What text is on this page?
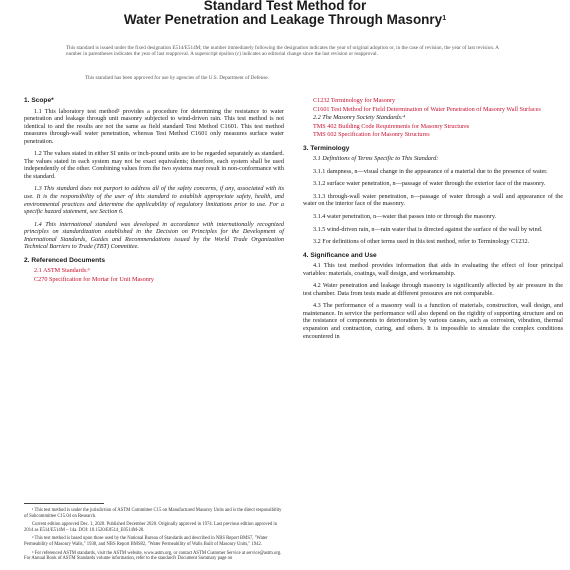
Standard Test Method for
Water Penetration and Leakage Through Masonry$^1$
This standard is issued under the fixed designation E514/E514M; the number immediately following the designation indicates the year of original adoption or, in the case of revision, the year of last revision. A number in parentheses indicates the year of last reapproval. A superscript epsilon (ε) indicates an editorial change since the last revision or reapproval.
This standard has been approved for use by agencies of the U.S. Department of Defense.
1. Scope*
1.1 This laboratory test method² provides a procedure for determining the resistance to water penetration and leakage through unit masonry subjected to wind-driven rain. This test method is not identical to and the results are not the same as field standard Test Method C1601. This test method measures through-wall water penetration, whereas Test Method C1601 only measures surface water penetration.
1.2 The values stated in either SI units or inch-pound units are to be regarded separately as standard. The values stated in each system may not be exact equivalents; therefore, each system shall be used independently of the other. Combining values from the two systems may result in non-conformance with the standard.
1.3 This standard does not purport to address all of the safety concerns, if any, associated with its use. It is the responsibility of the user of this standard to establish appropriate safety, health, and environmental practices and determine the applicability of regulatory limitations prior to use. For a specific hazard statement, see Section 6.
1.4 This international standard was developed in accordance with internationally recognized principles on standardization established in the Decision on Principles for the Development of International Standards, Guides and Recommendations issued by the World Trade Organization Technical Barriers to Trade (TBT) Committee.
2. Referenced Documents
2.1 ASTM Standards:³
C270 Specification for Mortar for Unit Masonry
C1232 Terminology for Masonry
C1601 Test Method for Field Determination of Water Penetration of Masonry Wall Surfaces
2.2 The Masonry Society Standards:⁴
TMS 402 Building Code Requirements for Masonry Structures
TMS 602 Specification for Masonry Structures
3. Terminology
3.1 Definitions of Terms Specific to This Standard:
3.1.1 dampness, n—visual change in the appearance of a material due to the presence of water.
3.1.2 surface water penetration, n—passage of water through the exterior face of the masonry.
3.1.3 through-wall water penetration, n—passage of water through a wall and appearance of the water on the interior face of the masonry.
3.1.4 water penetration, n—water that passes into or through the masonry.
3.1.5 wind-driven rain, n—rain water that is directed against the surface of the wall by wind.
3.2 For definitions of other terms used in this test method, refer to Terminology C1232.
4. Significance and Use
4.1 This test method provides information that aids in evaluating the effect of four principal variables: materials, coatings, wall design, and workmanship.
4.2 Water penetration and leakage through masonry is significantly affected by air pressure in the test chamber. Data from tests made at different pressures are not comparable.
4.3 The performance of a masonry wall is a function of materials, construction, wall design, and maintenance. In service the performance will also depend on the rigidity of supporting structure and on the resistance of components to deterioration by various causes, such as corrosion, vibration, thermal expansion and contraction, curing, and others. It is impossible to simulate the complex conditions encountered in

¹ This test method is under the jurisdiction of ASTM Committee C15 on Manufactured Masonry Units and is the direct responsibility of Subcommittee C15.04 on Research.

Current edition approved Dec. 1, 2020. Published December 2020. Originally approved in 1974. Last previous edition approved in 2014 as E514/E514M – 14a. DOI: 10.1520/E0514_E0514M-20.

² This test method is based upon those used by the National Bureau of Standards and described in NBS Report BMS7, "Water Permeability of Masonry Walls," 1938, and NBS Report BMS82, "Water Permeability of Walls Built of Masonry Units," 1942.

³ For referenced ASTM standards, visit the ASTM website, www.astm.org, or contact ASTM Customer Service at service@astm.org. For Annual Book of ASTM Standards volume information, refer to the standard's Document Summary page on
